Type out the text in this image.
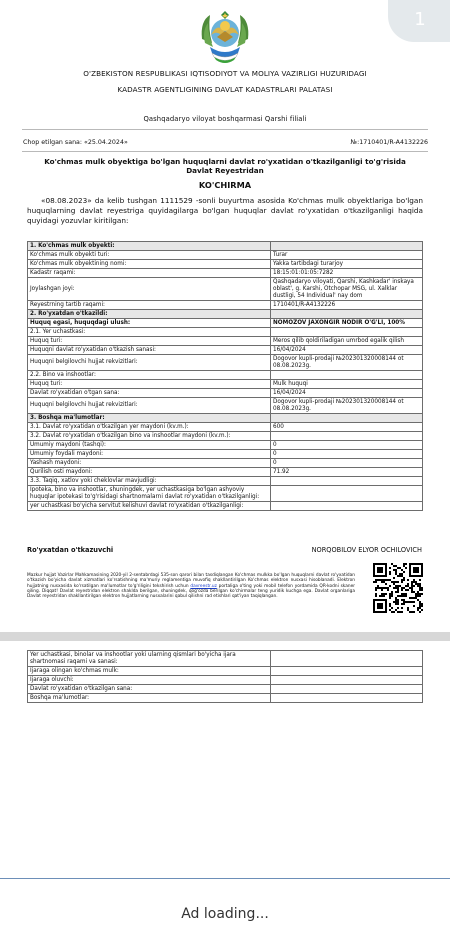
1
O'ZBEKISTON RESPUBLIKASI IQTISODIYOT VA MOLIYA VAZIRLIGI HUZURIDAGI
KADASTR AGENTLIGINING DAVLAT KADASTRLARI PALATASI
Qashqadaryo viloyat boshqarmasi Qarshi filiali
Chop etilgan sana: «25.04.2024»	№:1710401/R-A4132226
Ko'chmas mulk obyektiga bo'lgan huquqlarni davlat ro'yxatidan o'tkazilganligi to'g'risida Davlat Reyestridan
KO'CHIRMA
«08.08.2023» da kelib tushgan 1111529 -sonli buyurtma asosida Ko'chmas mulk obyektlariga bo'lgan huquqlarning davlat reyestriga quyidagilarga bo'lgan huquqlar davlat ro'yxatidan o'tkazilganligi haqida quyidagi yozuvlar kiritilgan:
1. Ko'chmas mulk obyekti:	
Ko'chmas mulk obyekti turi:	Turar
Ko'chmas mulk obyektining nomi:	Yakka tartibdagi turarjoy
Kadastr raqami:	18:15:01:01:05:7282
Joylashgan joyi:	Qashqadaryo viloyati, Qarshi, Kashkadar' inskaya oblast', g. Karshi, Otchopar MSG, ul. Xalklar dustligi, 54 Individual' nay dom
Reyestrning tartib raqami:	1710401/R-A4132226
2. Ro'yxatdan o'tkazildi:	
Huquq egasi, huquqdagi ulush:	NOMOZOV JAXONGIR NODIR O'G'LI, 100%
2.1. Yer uchastkasi:	
Huquq turi:	Meros qilib qoldiriladigan umrbod egalik qilish
Huquqni davlat ro'yxatidan o'tkazish sanasi:	16/04/2024
Huquqni belgilovchi hujjat rekvizitlari:	Dogovor kupli-prodaji №202301320008144 ot 08.08.2023g.
2.2. Bino va inshootlar:	
Huquq turi:	Mulk huquqi
Davlat ro'yxatidan o'tgan sana:	16/04/2024
Huquqni belgilovchi hujjat rekvizitlari:	Dogovor kupli-prodaji №202301320008144 ot 08.08.2023g.
3. Boshqa ma'lumotlar:	
3.1. Davlat ro'yxatidan o'tkazilgan yer maydoni (kv.m.):	600
3.2. Davlat ro'yxatidan o'tkazilgan bino va inshootlar maydoni (kv.m.):	
Umumiy maydoni (tashqi):	0
Umumiy foydali maydoni:	0
Yashash maydoni:	0
Qurilish osti maydoni:	71.92
3.3. Taqiq, xatlov yoki cheklovlar mavjudligi:	
Ipoteka, bino va inshootlar, shuningdek, yer uchastkasiga bo'lgan ashyoviy huquqlar ipotekasi to'g'risidagi shartnomalarni davlat ro'yxatidan o'tkazilganligi:	
yer uchastkasi bo'yicha servitut kelishuvi davlat ro'yxatidan o'tkazilganligi:	
Ro'yxatdan o'tkazuvchi	NORQOBILOV ELYOR OCHILOVICH
Mazkur hujjat Vazirlar Mahkamasining 2020-yil 2-sentabrdagi 535-son qarori bilan tasdiqlangan Ko'chmas mulkka bo'lgan huquqlarni davlat ro'yxatidan o'tkazish bo'yicha davlat xizmatlari ko'rsatishning ma'muriy reglamentiga muvofiq shakllantirilgan Ko'chmas elektron nusxasi hisoblanadi. Elektron hujjatning nusxasida ko'rsatilgan ma'lumotlar to'g'riligini tekshirish uchun davreestr.uz portaliga o'ting yoki mobil telefon yordamida QR-kodni skaner qiling. Diqqat! Davlat reyestridan elektron shaklda berilgan, shuningdek, qog'ozda berilgan ko'chirmalar teng yuridik kuchga ega. Davlat organlariga Davlat reyestridan shakllantirilgan elektron hujjatlarning nusxalarini qabul qilishni rad etishlari qat'iyan taqiqlangan.
Yer uchastkasi, binolar va inshootlar yoki ularning qismlari bo'yicha ijara shartnomasi raqami va sanasi:	
Ijaraga olingan ko'chmas mulk:	
Ijaraga oluvchi:	
Davlat ro'yxatidan o'tkazilgan sana:	
Boshqa ma'lumotlar:	
Ad loading...
